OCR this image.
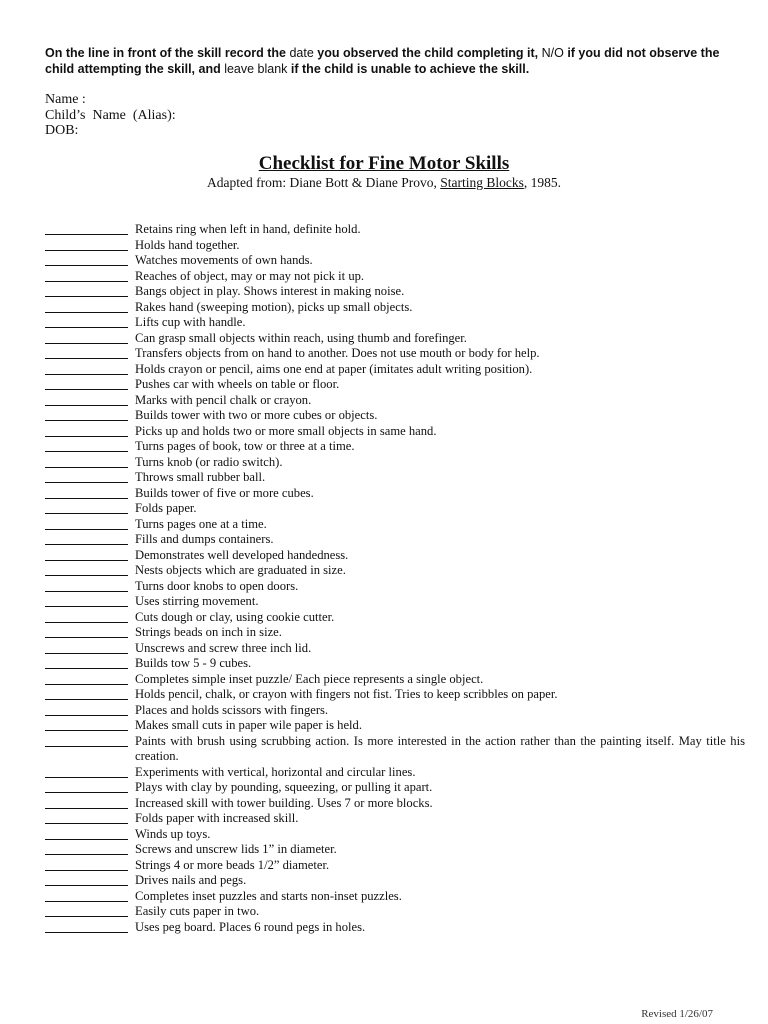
On the line in front of the skill record the date you observed the child completing it, N/O if you did not observe the child attempting the skill, and leave blank if the child is unable to achieve the skill.
Name :
Child’s  Name  (Alias):
DOB:
Checklist for Fine Motor Skills
Adapted from: Diane Bott & Diane Provo, Starting Blocks, 1985.
Retains ring when left in hand, definite hold.
Holds hand together.
Watches movements of own hands.
Reaches of object, may or may not pick it up.
Bangs object in play. Shows interest in making noise.
Rakes hand (sweeping motion), picks up small objects.
Lifts cup with handle.
Can grasp small objects within reach, using thumb and forefinger.
Transfers objects from on hand to another. Does not use mouth or body for help.
Holds crayon or pencil, aims one end at paper (imitates adult writing position).
Pushes car with wheels on table or floor.
Marks with pencil chalk or crayon.
Builds tower with two or more cubes or objects.
Picks up and holds two or more small objects in same hand.
Turns pages of book, tow or three at a time.
Turns knob (or radio switch).
Throws small rubber ball.
Builds tower of five or more cubes.
Folds paper.
Turns pages one at a time.
Fills and dumps containers.
Demonstrates well developed handedness.
Nests objects which are graduated in size.
Turns door knobs to open doors.
Uses stirring movement.
Cuts dough or clay, using cookie cutter.
Strings beads on inch in size.
Unscrews and screw three inch lid.
Builds tow 5 - 9 cubes.
Completes simple inset puzzle/ Each piece represents a single object.
Holds pencil, chalk, or crayon with fingers not fist. Tries to keep scribbles on paper.
Places and holds scissors with fingers.
Makes small cuts in paper wile paper is held.
Paints with brush using scrubbing action. Is more interested in the action rather than the painting itself. May title his creation.
Experiments with vertical, horizontal and circular lines.
Plays with clay by pounding, squeezing, or pulling it apart.
Increased skill with tower building. Uses 7 or more blocks.
Folds paper with increased skill.
Winds up toys.
Screws and unscrew lids 1” in diameter.
Strings 4 or more beads 1/2” diameter.
Drives nails and pegs.
Completes inset puzzles and starts non-inset puzzles.
Easily cuts paper in two.
Uses peg board. Places 6 round pegs in holes.
Revised 1/26/07
